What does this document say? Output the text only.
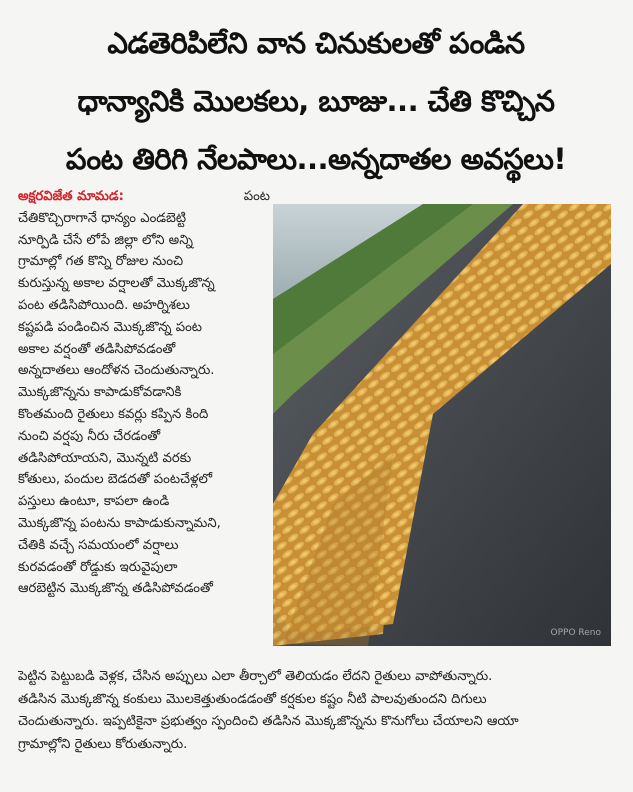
ఎడతెరిపిలేని వాన చినుకులతో పండిన
ధాన్యానికి మొలకలు, బూజు... చేతి కొచ్చిన
పంట తిరిగి నేలపాలు...అన్నదాతల అవస్థలు!
అక్షరవిజేత మామడ:	పంట
చేతికొచ్చిరాగానే ధాన్యం ఎండబెట్టి
నూర్పిడి చేసే లోపే జిల్లా లోని అన్ని
గ్రామాల్లో గత కొన్ని రోజుల నుంచి
కురుస్తున్న అకాల వర్షాలతో మొక్కజొన్న
పంట తడిసిపోయింది. అహర్నిశలు
కష్టపడి పండించిన మొక్కజొన్న పంట
అకాల వర్షంతో తడిసిపోవడంతో
అన్నదాతలు ఆందోళన చెందుతున్నారు.
మొక్కజొన్నను కాపాడుకోవడానికి
కొంతమంది రైతులు కవర్లు కప్పిన కింది
నుంచి వర్షపు నీరు చేరడంతో
తడిసిపోయాయని, మొన్నటి వరకు
కోతులు, పందుల బెడదతో పంటచేళ్లలో
పస్తులు ఉంటూ, కాపలా ఉండి
మొక్కజొన్న పంటను కాపాడుకున్నామని,
చేతికి వచ్చే సమయంలో వర్షాలు
కురవడంతో రోడ్డుకు ఇరువైపులా
ఆరబెట్టిన మొక్కజొన్న తడిసిపోవడంతో
OPPO Reno
పెట్టిన పెట్టుబడి వెళ్లక, చేసిన అప్పులు ఎలా తీర్చాలో తెలియడం లేదని రైతులు వాపోతున్నారు.
తడిసిన మొక్కజొన్న కంకులు మొలకెత్తుతుండడంతో కర్షకుల కష్టం నీటి పాలవుతుందని దిగులు
చెందుతున్నారు. ఇప్పటికైనా ప్రభుత్వం స్పందించి తడిసిన మొక్కజొన్నను కొనుగోలు చేయాలని ఆయా
గ్రామాల్లోని రైతులు కోరుతున్నారు.
